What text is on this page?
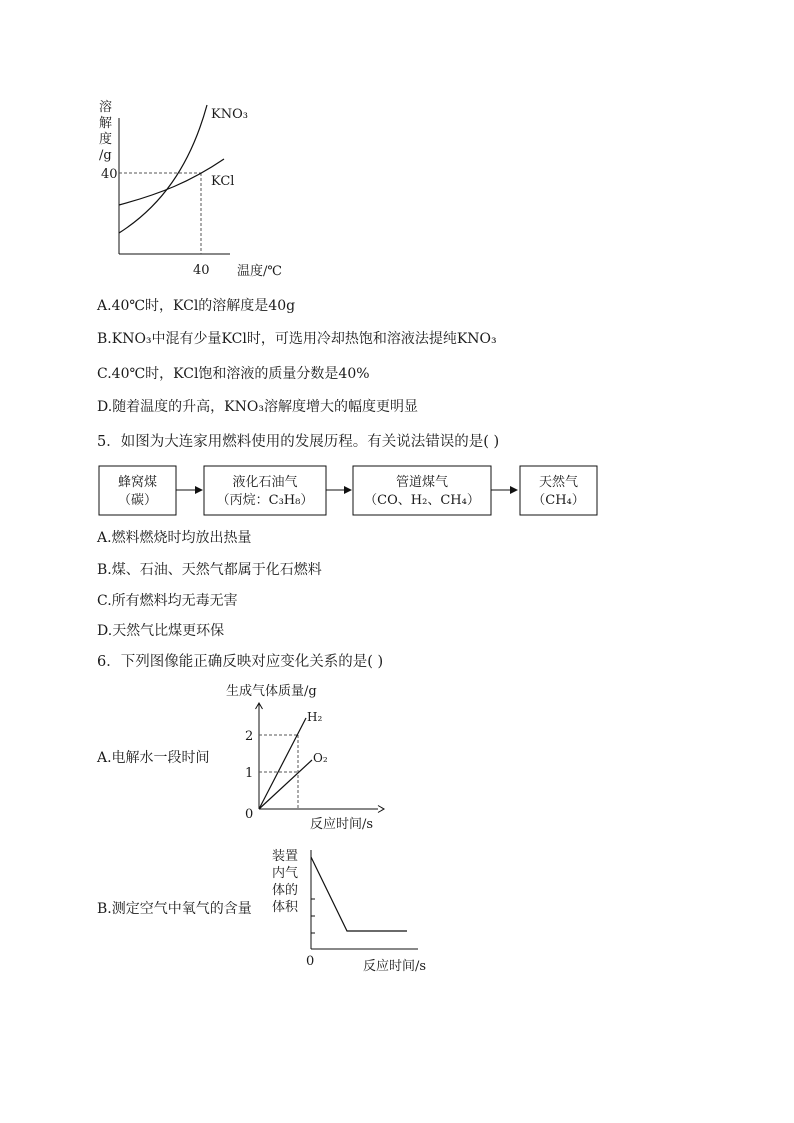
溶
解
度
/g
40
40 温度/℃
KNO₃
KCl
A.40℃时，KCl的溶解度是40g
B.KNO₃中混有少量KCl时，可选用冷却热饱和溶液法提纯KNO₃
C.40℃时，KCl饱和溶液的质量分数是40%
D.随着温度的升高，KNO₃溶解度增大的幅度更明显
5．如图为大连家用燃料使用的发展历程。有关说法错误的是( )
蜂窝煤
（碳）
液化石油气
（丙烷：C₃H₈）
管道煤气
（CO、H₂、CH₄）
天然气
（CH₄）
A.燃料燃烧时均放出热量
B.煤、石油、天然气都属于化石燃料
C.所有燃料均无毒无害
D.天然气比煤更环保
6．下列图像能正确反映对应变化关系的是( )
A.电解水一段时间
生成气体质量/g
2
1
0
H₂
O₂
反应时间/s
B.测定空气中氧气的含量
装置
内气
体的
体积
0	反应时间/s
